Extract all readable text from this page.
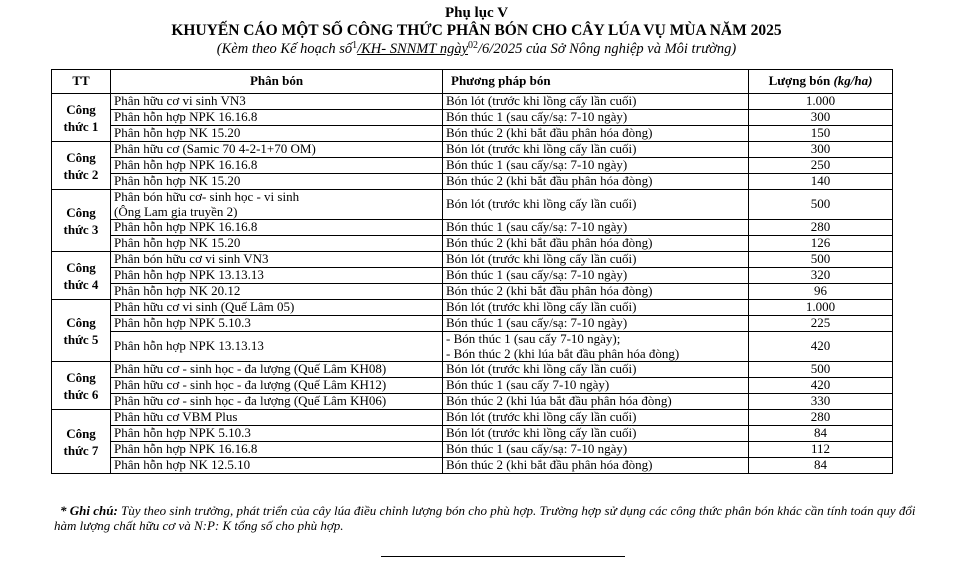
Phụ lục V
KHUYẾN CÁO MỘT SỐ CÔNG THỨC PHÂN BÓN CHO CÂY LÚA VỤ MÙA NĂM 2025
(Kèm theo Kế hoạch số$^1$/KH- SNNMT ngày$^{02}$/6/2025 của Sở Nông nghiệp và Môi trường)
TT	Phân bón	Phương pháp bón	Lượng bón (kg/ha)
Công thức 1	Phân hữu cơ vi sinh VN3	Bón lót (trước khi lồng cấy lần cuối)	1.000

	Phân hỗn hợp NPK 16.16.8	Bón thúc 1 (sau cấy/sạ: 7-10 ngày)	300

	Phân hỗn hợp NK 15.20	Bón thúc 2 (khi bắt đầu phân hóa đòng)	150
Công thức 2	Phân hữu cơ (Samic 70 4-2-1+70 OM)	Bón lót (trước khi lồng cấy lần cuối)	300

	Phân hỗn hợp NPK 16.16.8	Bón thúc 1 (sau cấy/sạ: 7-10 ngày)	250

	Phân hỗn hợp NK 15.20	Bón thúc 2 (khi bắt đầu phân hóa đòng)	140
Công thức 3	Phân bón hữu cơ- sinh học - vi sinh
(Ông Lam gia truyền 2)	Bón lót (trước khi lồng cấy lần cuối)	500

	Phân hỗn hợp NPK 16.16.8	Bón thúc 1 (sau cấy/sạ: 7-10 ngày)	280

	Phân hỗn hợp NK 15.20	Bón thúc 2 (khi bắt đầu phân hóa đòng)	126
Công thức 4	Phân bón hữu cơ vi sinh VN3	Bón lót (trước khi lồng cấy lần cuối)	500

	Phân hỗn hợp NPK 13.13.13	Bón thúc 1 (sau cấy/sạ: 7-10 ngày)	320

	Phân hỗn hợp NK 20.12	Bón thúc 2 (khi bắt đầu phân hóa đòng)	96
Công thức 5	Phân hữu cơ vi sinh (Quế Lâm 05)	Bón lót (trước khi lồng cấy lần cuối)	1.000

	Phân hỗn hợp NPK 5.10.3	Bón thúc 1 (sau cấy/sạ: 7-10 ngày)	225

	Phân hỗn hợp NPK 13.13.13	- Bón thúc 1 (sau cấy 7-10 ngày);
- Bón thúc 2 (khi lúa bắt đầu phân hóa đòng)	420
Công thức 6	Phân hữu cơ - sinh học - đa lượng (Quế Lâm KH08)	Bón lót (trước khi lồng cấy lần cuối)	500

	Phân hữu cơ - sinh học - đa lượng (Quế Lâm KH12)	Bón thúc 1 (sau cấy 7-10 ngày)	420

	Phân hữu cơ - sinh học - đa lượng (Quế Lâm KH06)	Bón thúc 2 (khi lúa bắt đầu phân hóa đòng)	330
Công thức 7	Phân hữu cơ VBM Plus	Bón lót (trước khi lồng cấy lần cuối)	280

	Phân hỗn hợp NPK 5.10.3	Bón lót (trước khi lồng cấy lần cuối)	84

	Phân hỗn hợp NPK 16.16.8	Bón thúc 1 (sau cấy/sạ: 7-10 ngày)	112

	Phân hỗn hợp NK 12.5.10	Bón thúc 2 (khi bắt đầu phân hóa đòng)	84
* Ghi chú: Tùy theo sinh trưởng, phát triển của cây lúa điều chỉnh lượng bón cho phù hợp. Trường hợp sử dụng các công thức phân bón khác cần tính toán quy đổi hàm lượng chất hữu cơ và N:P: K tổng số cho phù hợp.
